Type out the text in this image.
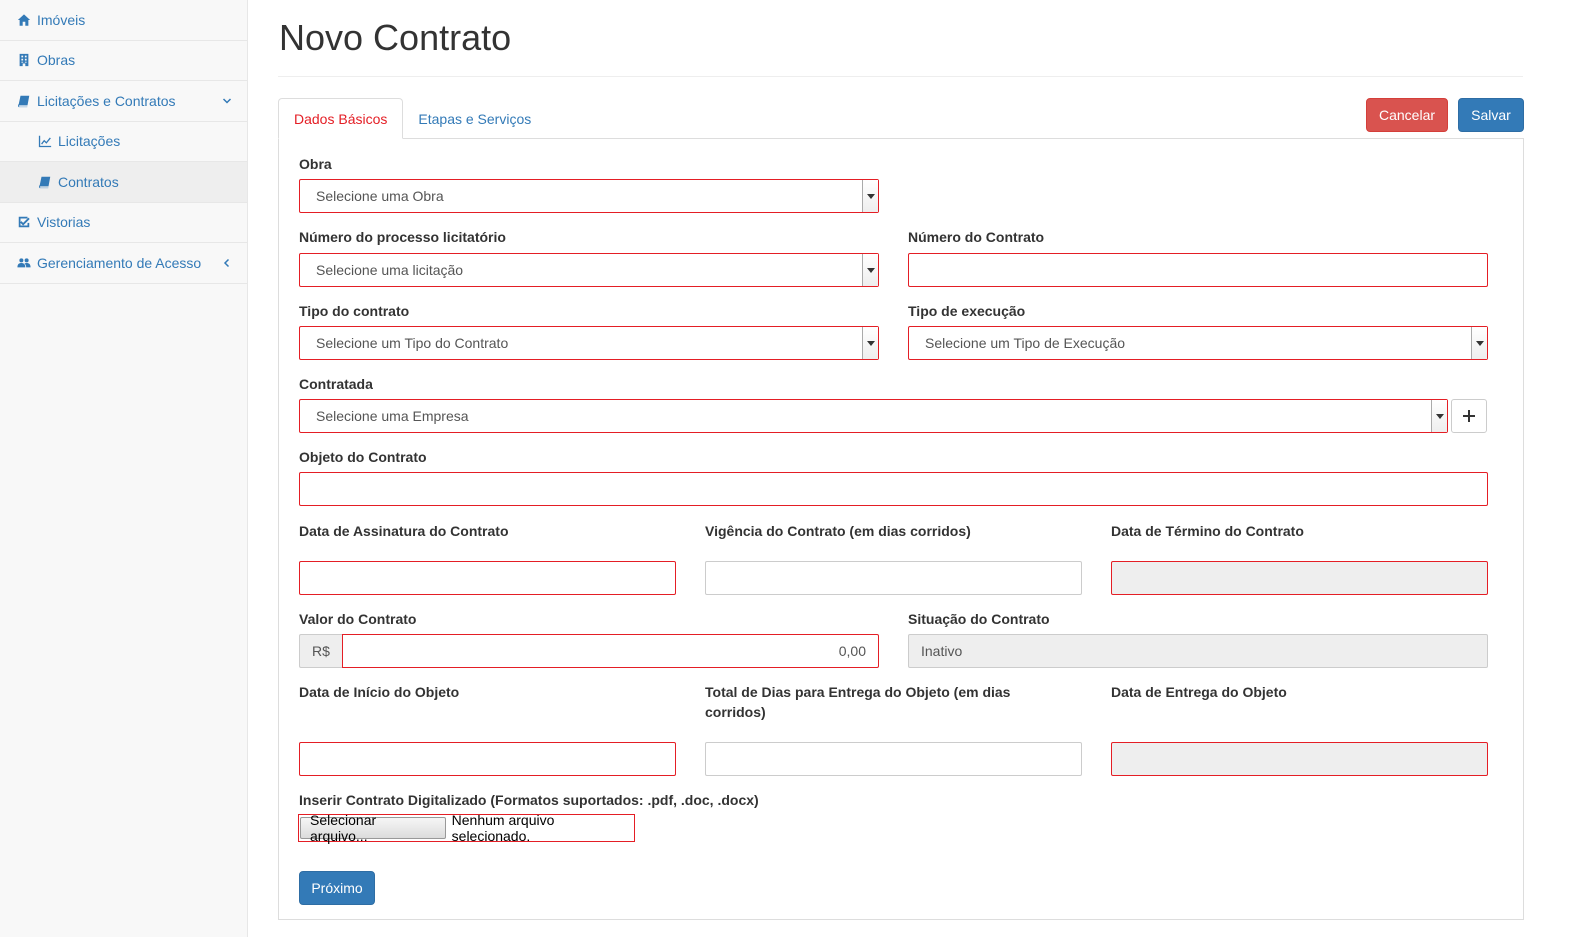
Imóveis
Obras
Licitações e Contratos
Licitações
Contratos
Vistorias
Gerenciamento de Acesso
Novo Contrato
Dados Básicos	Etapas e Serviços	Cancelar	Salvar
Obra
Selecione uma Obra
Número do processo licitatório
Selecione uma licitação
Número do Contrato
Tipo do contrato
Selecione um Tipo do Contrato
Tipo de execução
Selecione um Tipo de Execução
Contratada
Selecione uma Empresa
Objeto do Contrato
Data de Assinatura do Contrato	Vigência do Contrato (em dias corridos)	Data de Término do Contrato
Valor do Contrato
R$	0,00
Situação do Contrato
Inativo
Data de Início do Objeto	Total de Dias para Entrega do Objeto (em dias
corridos)
Data de Entrega do Objeto
Inserir Contrato Digitalizado (Formatos suportados: .pdf, .doc, .docx)
Selecionar arquivo...
Nenhum arquivo selecionado.
Próximo
